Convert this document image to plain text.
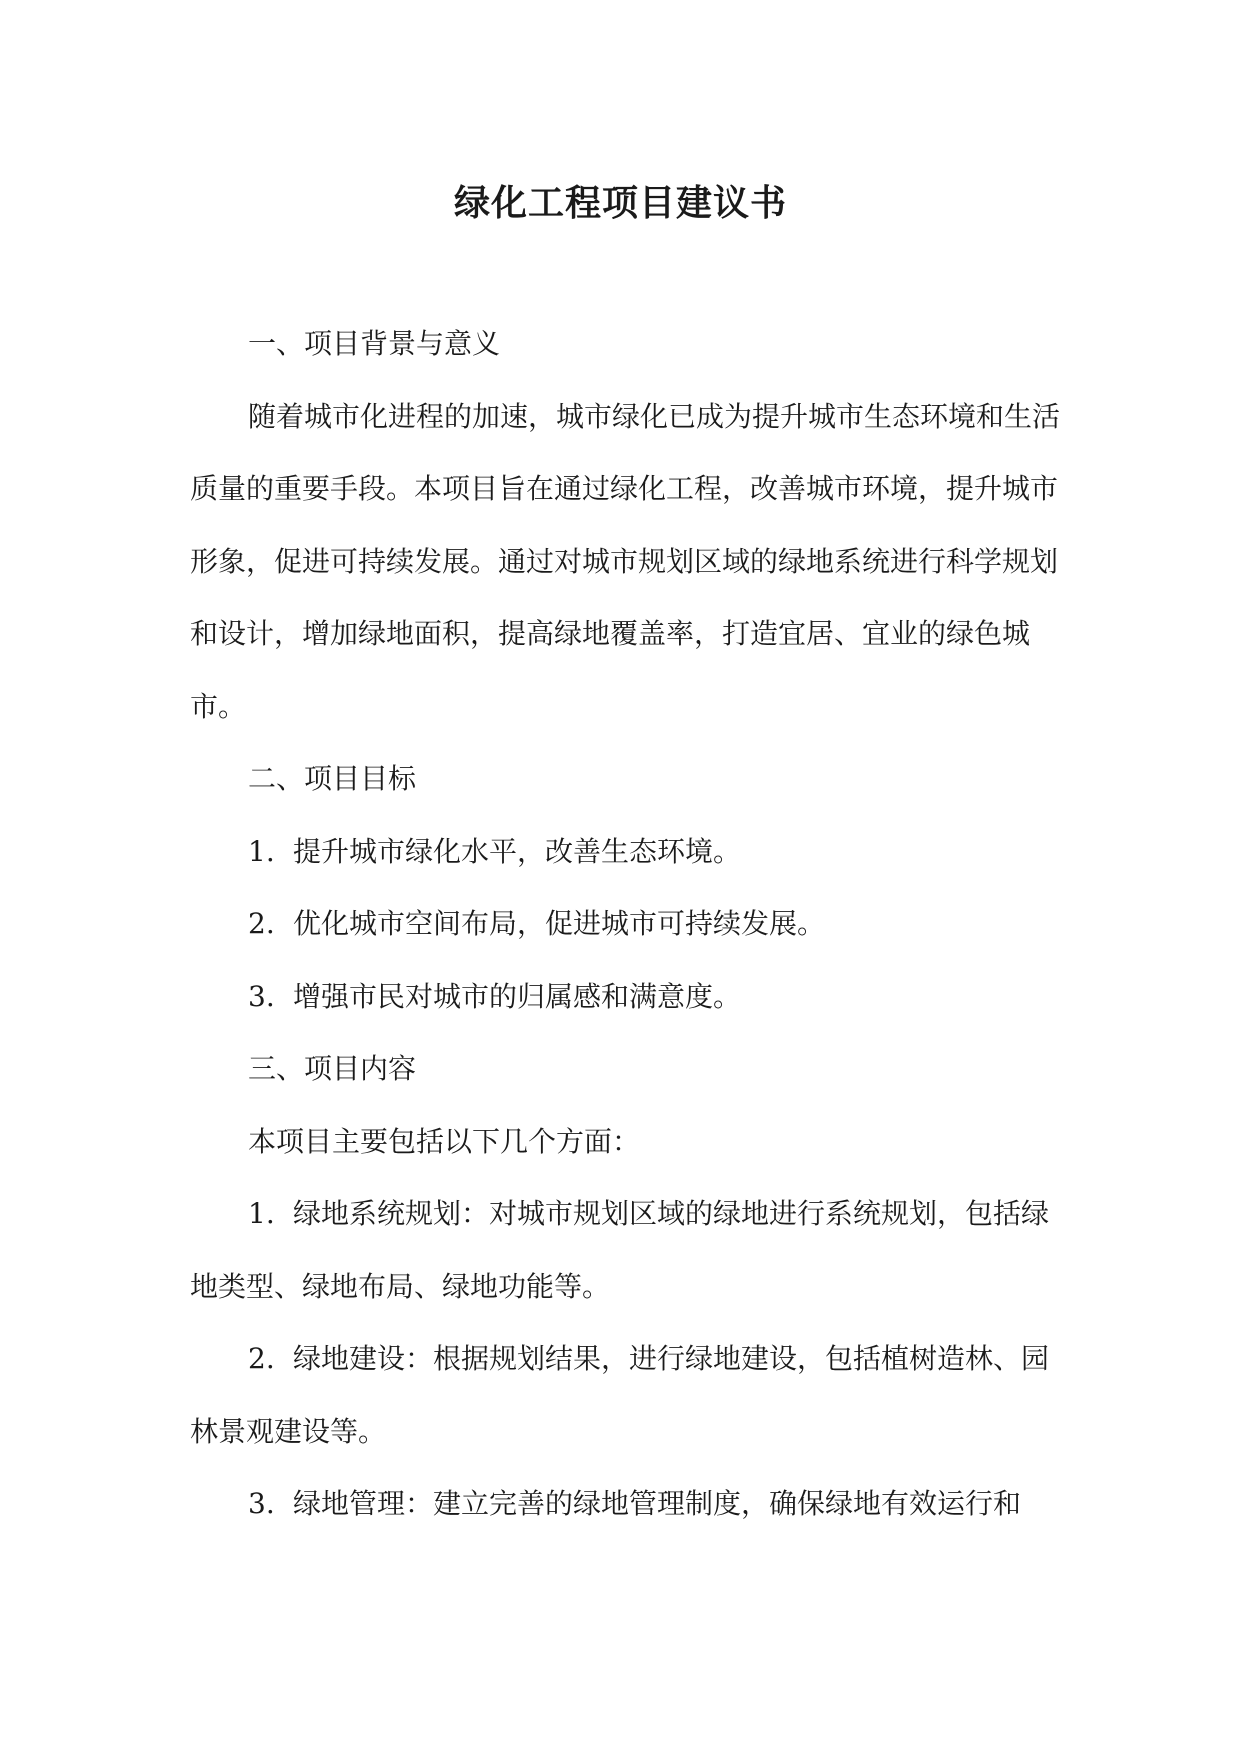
绿化工程项目建议书

一、项目背景与意义

随着城市化进程的加速，城市绿化已成为提升城市生态环境和生活质量的重要手段。本项目旨在通过绿化工程，改善城市环境，提升城市形象，促进可持续发展。通过对城市规划区域的绿地系统进行科学规划和设计，增加绿地面积，提高绿地覆盖率，打造宜居、宜业的绿色城市。

二、项目目标

1. 提升城市绿化水平，改善生态环境。

2. 优化城市空间布局，促进城市可持续发展。

3. 增强市民对城市的归属感和满意度。

三、项目内容

本项目主要包括以下几个方面：

1. 绿地系统规划：对城市规划区域的绿地进行系统规划，包括绿地类型、绿地布局、绿地功能等。

2. 绿地建设：根据规划结果，进行绿地建设，包括植树造林、园林景观建设等。

3. 绿地管理：建立完善的绿地管理制度，确保绿地有效运行和
